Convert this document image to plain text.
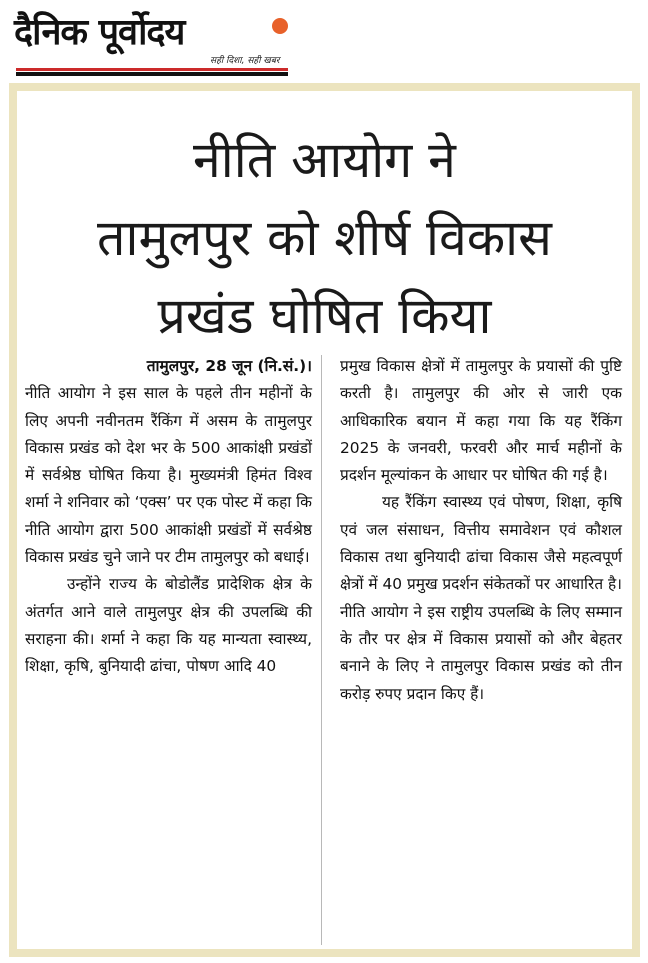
दैनिक पूर्वोदय
सही दिशा, सही खबर
नीति आयोग ने
तामुलपुर को शीर्ष विकास
प्रखंड घोषित किया
तामुलपुर, 28 जून (नि.सं.)।

नीति आयोग ने इस साल के पहले तीन महीनों के लिए अपनी नवीनतम रैंकिंग में असम के तामुलपुर विकास प्रखंड को देश भर के 500 आकांक्षी प्रखंडों में सर्वश्रेष्ठ घोषित किया है। मुख्यमंत्री हिमंत विश्व शर्मा ने शनिवार को ‘एक्स’ पर एक पोस्ट में कहा कि नीति आयोग द्वारा 500 आकांक्षी प्रखंडों में सर्वश्रेष्ठ विकास प्रखंड चुने जाने पर टीम तामुलपुर को बधाई।

उन्होंने राज्य के बोडोलैंड प्रादेशिक क्षेत्र के अंतर्गत आने वाले तामुलपुर क्षेत्र की उपलब्धि की सराहना की। शर्मा ने कहा कि यह मान्यता स्वास्थ्य, शिक्षा, कृषि, बुनियादी ढांचा, पोषण आदि 40

प्रमुख विकास क्षेत्रों में तामुलपुर के प्रयासों की पुष्टि करती है। तामुलपुर की ओर से जारी एक आधिकारिक बयान में कहा गया कि यह रैंकिंग 2025 के जनवरी, फरवरी और मार्च महीनों के प्रदर्शन मूल्यांकन के आधार पर घोषित की गई है।

यह रैंकिंग स्वास्थ्य एवं पोषण, शिक्षा, कृषि एवं जल संसाधन, वित्तीय समावेशन एवं कौशल विकास तथा बुनियादी ढांचा विकास जैसे महत्वपूर्ण क्षेत्रों में 40 प्रमुख प्रदर्शन संकेतकों पर आधारित है। नीति आयोग ने इस राष्ट्रीय उपलब्धि के लिए सम्मान के तौर पर क्षेत्र में विकास प्रयासों को और बेहतर बनाने के लिए ने तामुलपुर विकास प्रखंड को तीन करोड़ रुपए प्रदान किए हैं।
